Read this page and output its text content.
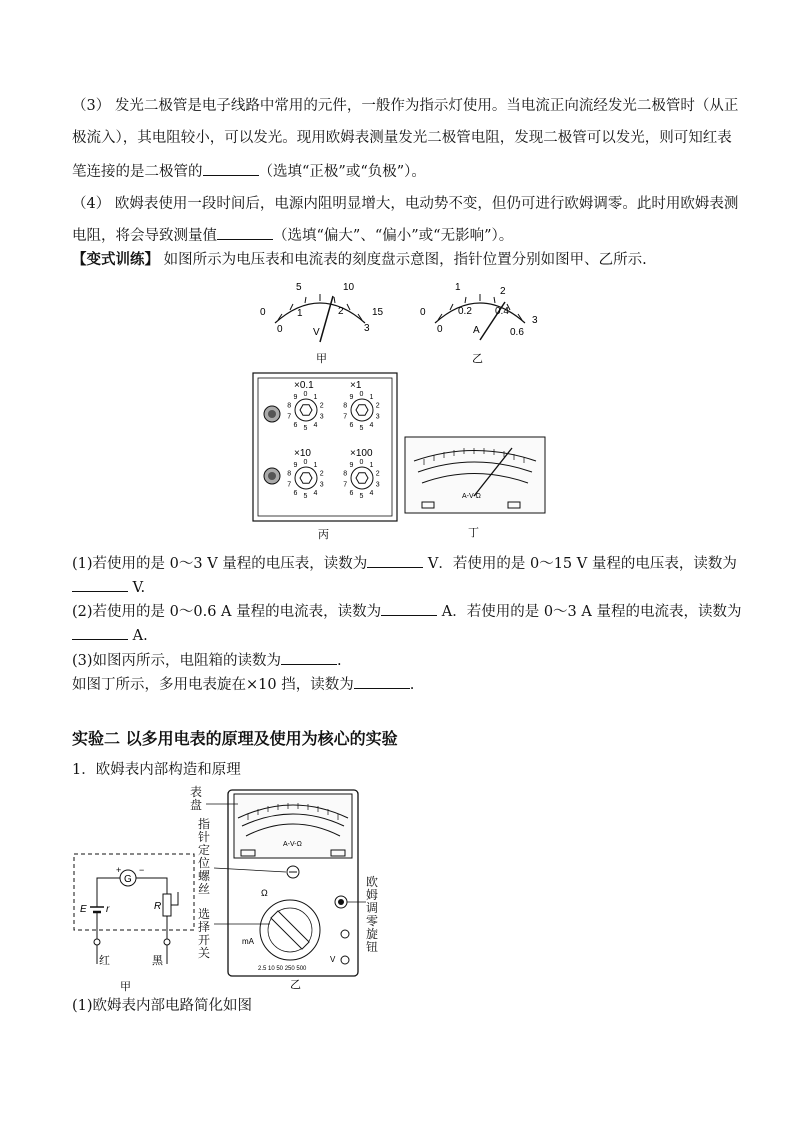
（3） 发光二极管是电子线路中常用的元件，一般作为指示灯使用。当电流正向流经发光二极管时（从正
极流入），其电阻较小，可以发光。现用欧姆表测量发光二极管电阻，发现二极管可以发光，则可知红表
笔连接的是二极管的	（选填“正极”或“负极”）。
（4） 欧姆表使用一段时间后，电源内阻明显增大，电动势不变，但仍可进行欧姆调零。此时用欧姆表测
电阻，将会导致测量值	（选填“偏大”、“偏小”或“无影响”）。
【变式训练】 如图所示为电压表和电流表的刻度盘示意图，指针位置分别如图甲、乙所示.
0
5	10
15
0
1	2
3
V
甲
0
1	2
3
0
0.2 0.4
0.6
A
乙
×0.1
0 1
2
3
4
5
6
7
8
9
×1
0 1
2
3
4
5
6
7
8
9
×10
0 1
2
3
4
5
6
7
8
9
×100
0 1
2
3
4
5
6
7
8
9
丙
A-V-Ω
丁
(1)若使用的是 0～3 V 量程的电压表，读数为	V．若使用的是 0～15 V 量程的电压表，读数为
V.
(2)若使用的是 0～0.6 A 量程的电流表，读数为	A．若使用的是 0～3 A 量程的电流表，读数为
A.
(3)如图丙所示，电阻箱的读数为	.
如图丁所示，多用电表旋在×10 挡，读数为	.
实验二 以多用电表的原理及使用为核心的实验
1．欧姆表内部构造和原理
G
+ −
R
E r
红	黑
甲
A-V-Ω
Ω
mA
V
2.5 10 50 250 500
乙
表
盘
指
针
定
位
螺
丝
选
择
开
关
欧
姆
调
零
旋
钮
(1)欧姆表内部电路简化如图
